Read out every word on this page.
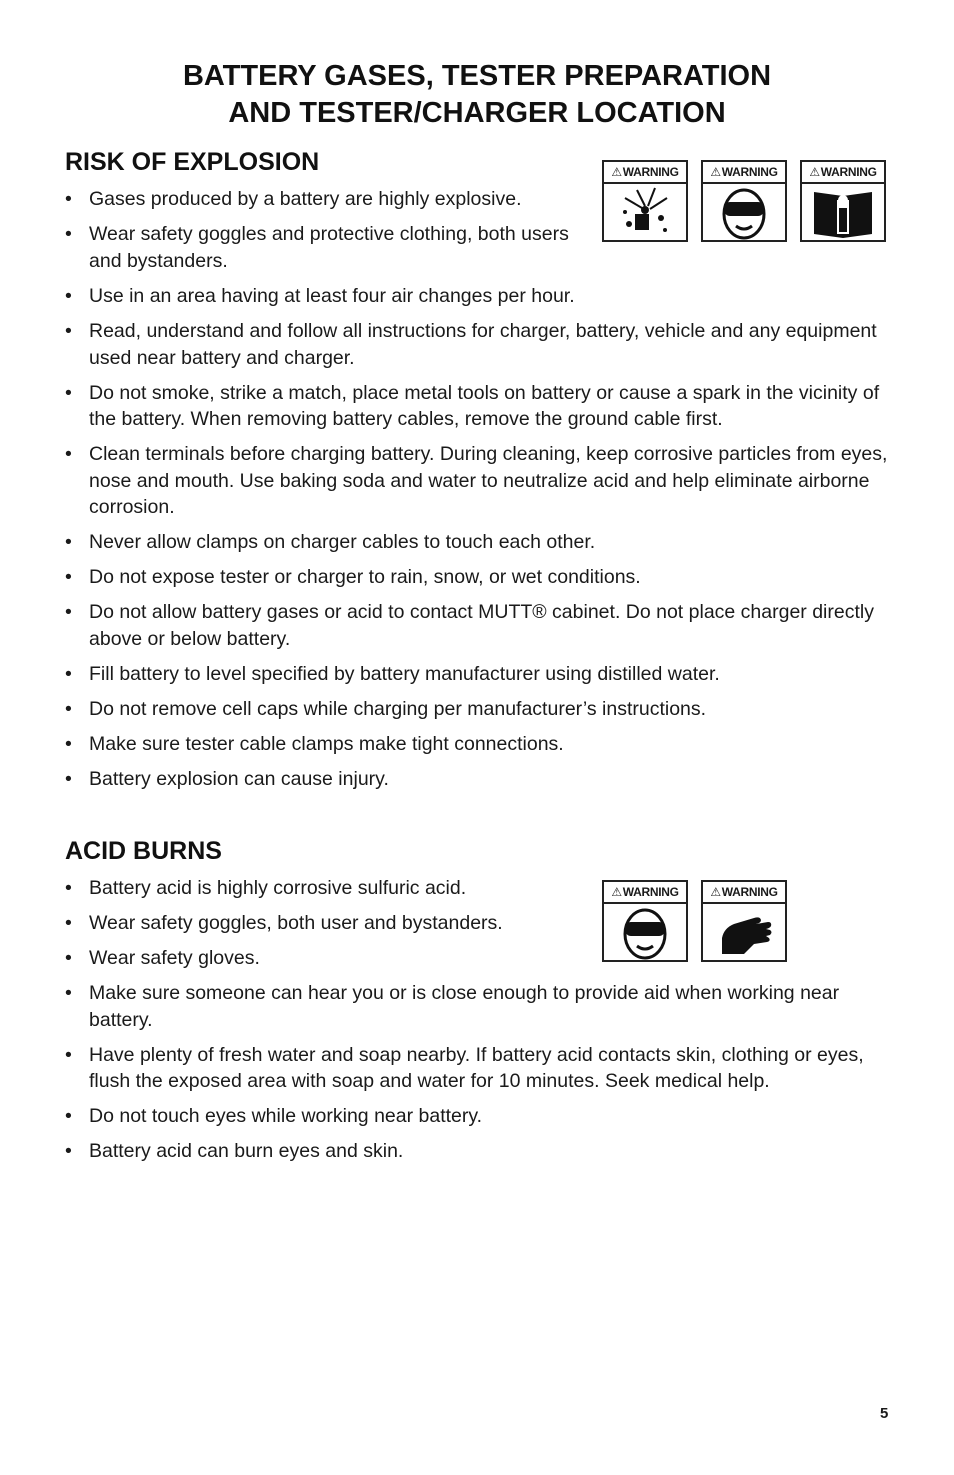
BATTERY GASES, TESTER PREPARATION
AND TESTER/CHARGER LOCATION
RISK OF EXPLOSION
• Gases produced by a battery are highly explosive.
• Wear safety goggles and protective clothing, both users and bystanders.
⚠ WARNING	⚠ WARNING	⚠ WARNING
• Use in an area having at least four air changes per hour.
• Read, understand and follow all instructions for charger, battery, vehicle and any equipment used near battery and charger.
• Do not smoke, strike a match, place metal tools on battery or cause a spark in the vicinity of the battery. When removing battery cables, remove the ground cable first.
• Clean terminals before charging battery. During cleaning, keep corrosive particles from eyes, nose and mouth. Use baking soda and water to neutralize acid and help eliminate airborne corrosion.
• Never allow clamps on charger cables to touch each other.
• Do not expose tester or charger to rain, snow, or wet conditions.
• Do not allow battery gases or acid to contact MUTT® cabinet. Do not place charger directly above or below battery.
• Fill battery to level specified by battery manufacturer using distilled water.
• Do not remove cell caps while charging per manufacturer’s instructions.
• Make sure tester cable clamps make tight connections.
• Battery explosion can cause injury.
ACID BURNS
• Battery acid is highly corrosive sulfuric acid.
• Wear safety goggles, both user and bystanders.
• Wear safety gloves.
⚠ WARNING	⚠ WARNING
• Make sure someone can hear you or is close enough to provide aid when working near battery.
• Have plenty of fresh water and soap nearby. If battery acid contacts skin, clothing or eyes, flush the exposed area with soap and water for 10 minutes. Seek medical help.
• Do not touch eyes while working near battery.
• Battery acid can burn eyes and skin.
5
